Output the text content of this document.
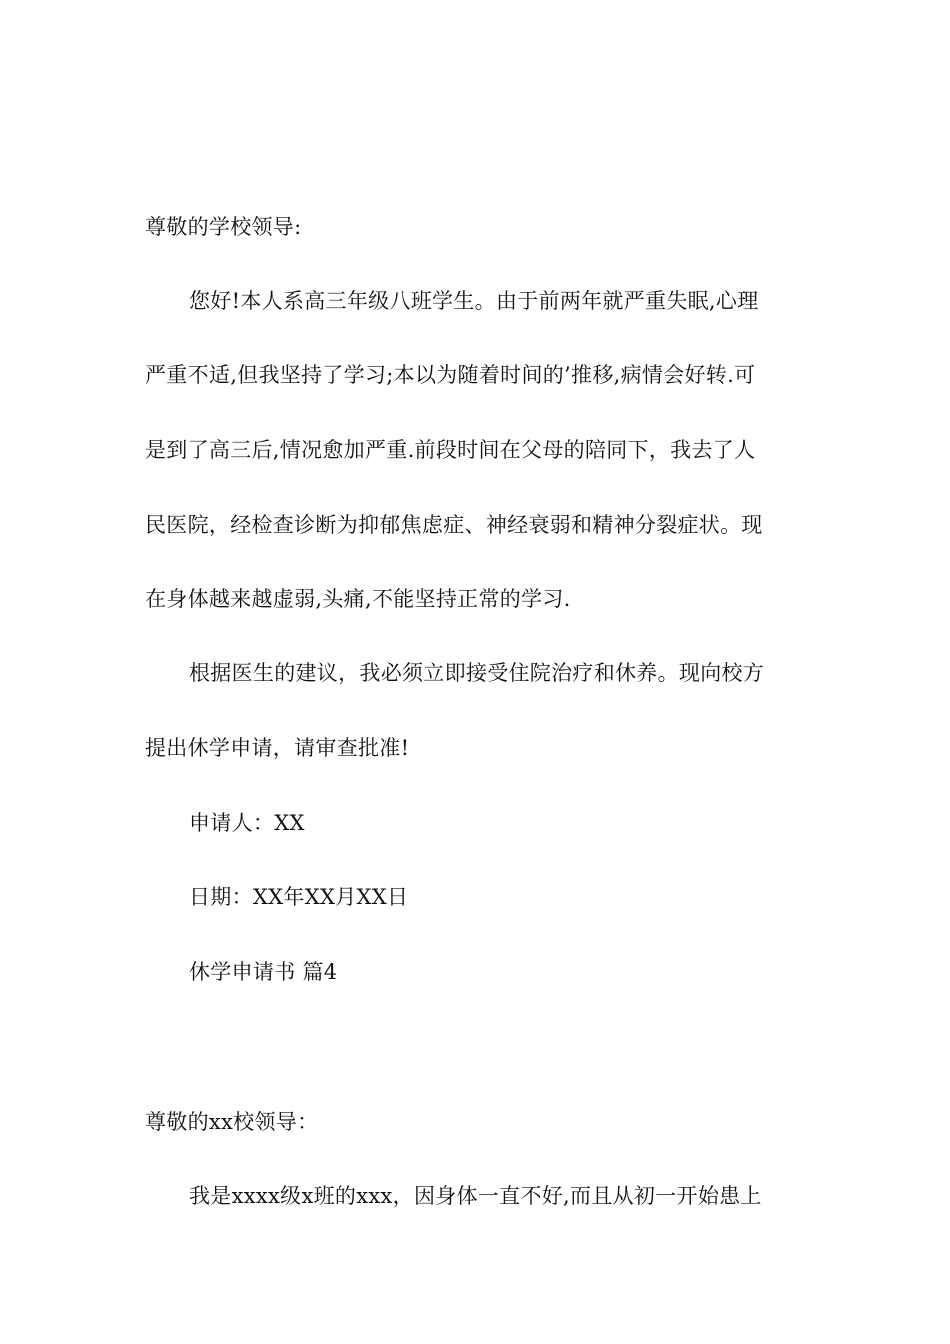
尊敬的学校领导:
您好!本人系高三年级八班学生。由于前两年就严重失眠,心理
严重不适,但我坚持了学习;本以为随着时间的’推移,病情会好转.可
是到了高三后,情况愈加严重.前段时间在父母的陪同下，我去了人
民医院，经检查诊断为抑郁焦虑症、神经衰弱和精神分裂症状。现
在身体越来越虚弱,头痛,不能坚持正常的学习.
根据医生的建议，我必须立即接受住院治疗和休养。现向校方
提出休学申请，请审查批准!
申请人：XX
日期：XX年XX月XX日
休学申请书 篇4
尊敬的xx校领导：
我是xxxx级x班的xxx，因身体一直不好,而且从初一开始患上
